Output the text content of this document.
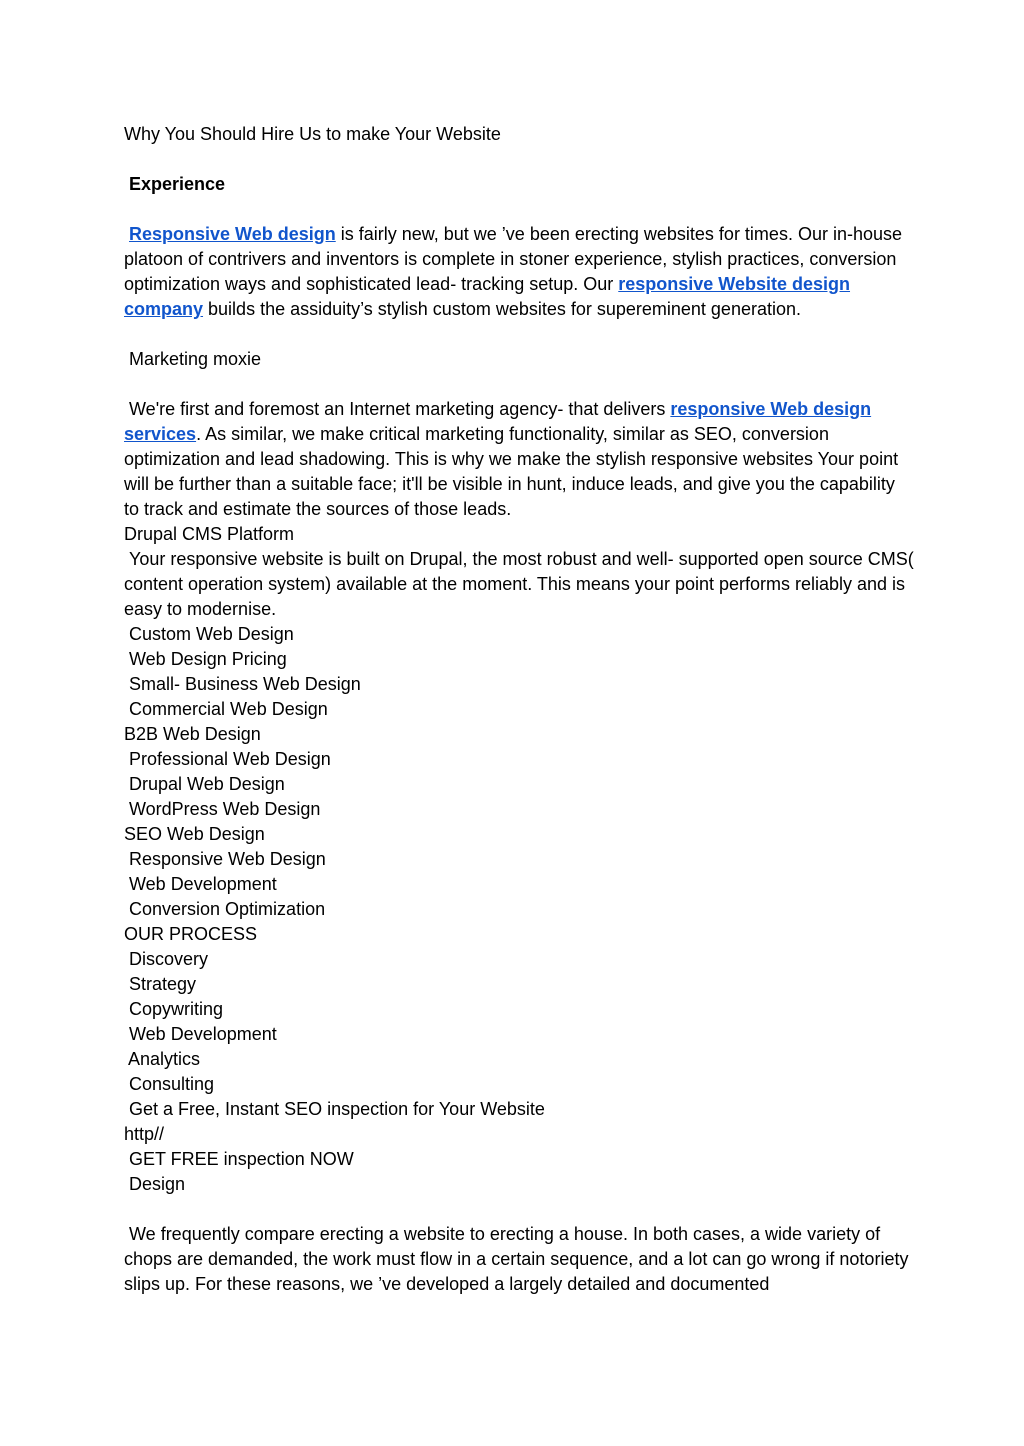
Why You Should Hire Us to make Your Website

Experience

Responsive Web design is fairly new, but we ’ve been erecting websites for times. Our in-house platoon of contrivers and inventors is complete in stoner experience, stylish practices, conversion optimization ways and sophisticated lead- tracking setup. Our responsive Website design company builds the assiduity’s stylish custom websites for supereminent generation.

Marketing moxie

We're first and foremost an Internet marketing agency- that delivers responsive Web design services. As similar, we make critical marketing functionality, similar as SEO, conversion optimization and lead shadowing. This is why we make the stylish responsive websites Your point will be further than a suitable face; it'll be visible in hunt, induce leads, and give you the capability to track and estimate the sources of those leads.

Drupal CMS Platform

Your responsive website is built on Drupal, the most robust and well- supported open source CMS( content operation system) available at the moment. This means your point performs reliably and is easy to modernise.

Custom Web Design

Web Design Pricing

Small- Business Web Design

Commercial Web Design

B2B Web Design

Professional Web Design

Drupal Web Design

WordPress Web Design

SEO Web Design

Responsive Web Design

Web Development

Conversion Optimization

OUR PROCESS

Discovery

Strategy

Copywriting

Web Development

Analytics

Consulting

Get a Free, Instant SEO inspection for Your Website

http//

GET FREE inspection NOW

Design

We frequently compare erecting a website to erecting a house. In both cases, a wide variety of chops are demanded, the work must flow in a certain sequence, and a lot can go wrong if notoriety slips up. For these reasons, we ’ve developed a largely detailed and documented
